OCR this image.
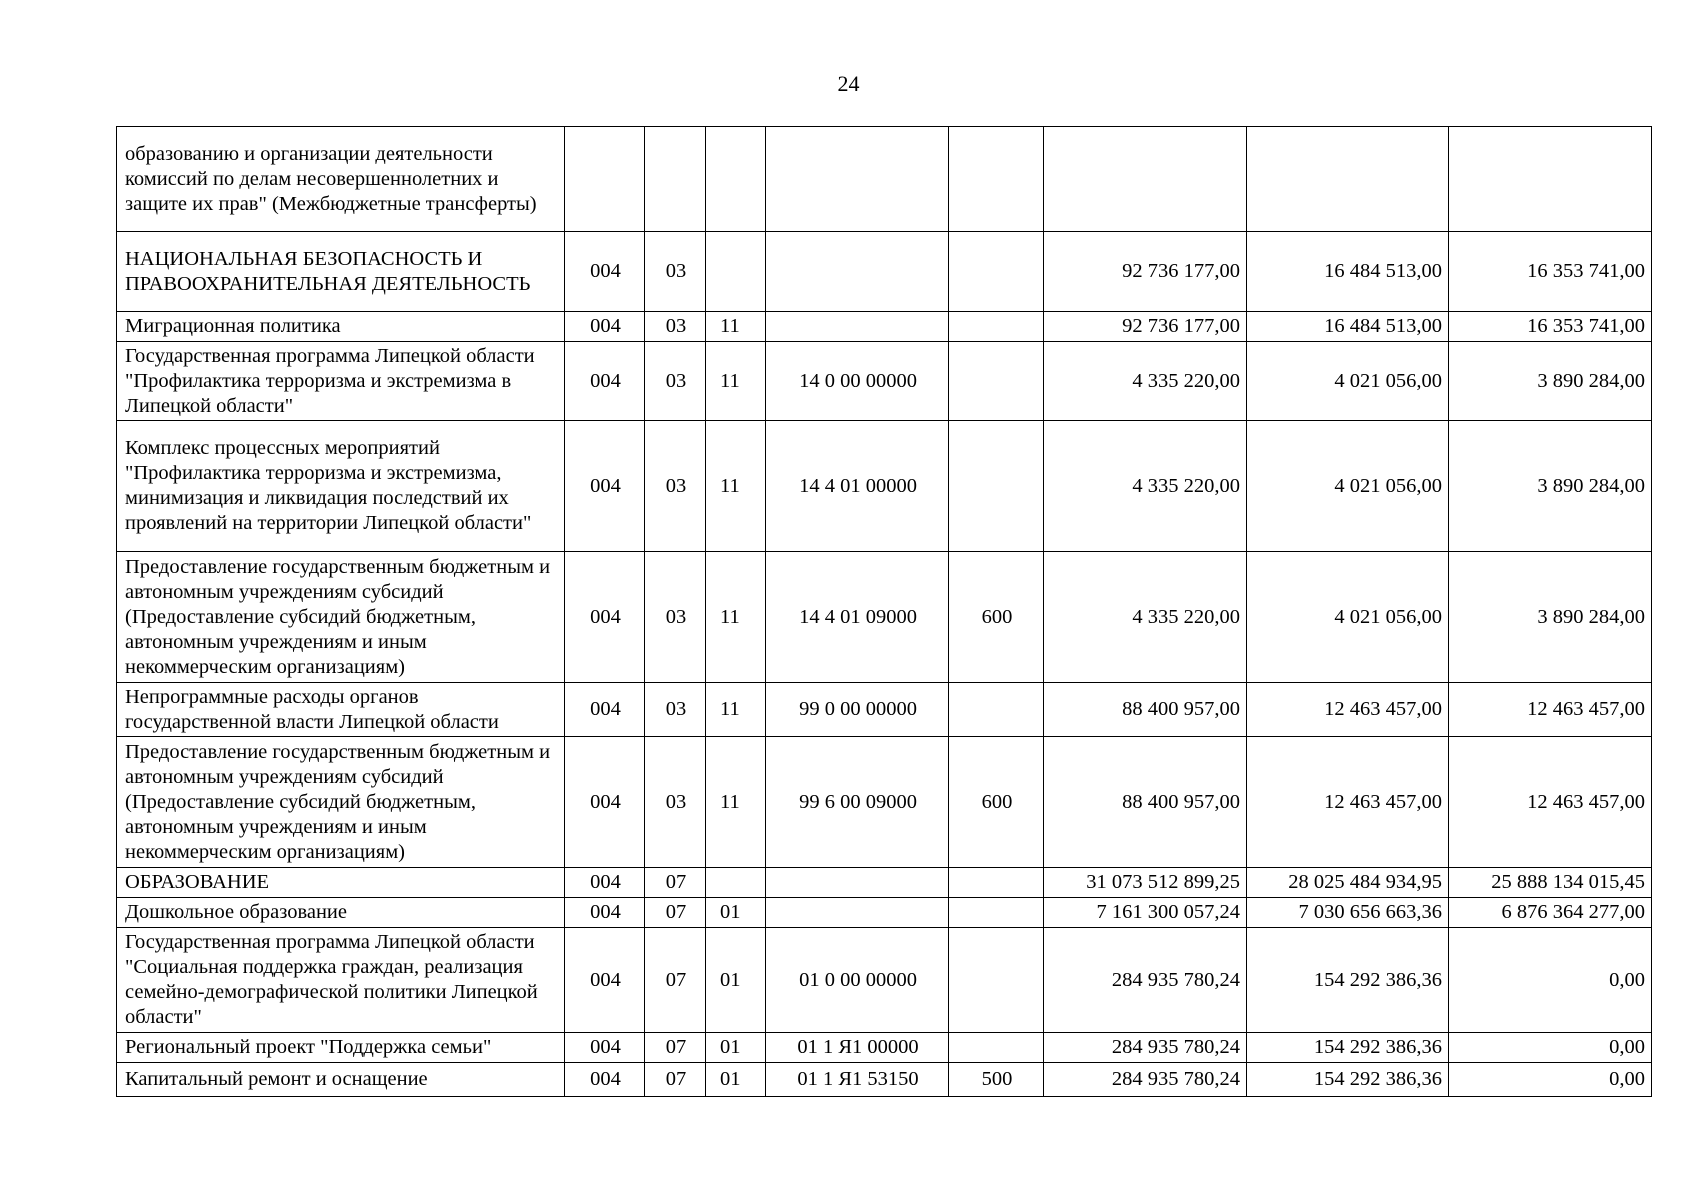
24
образованию и организации деятельности комиссий по делам несовершеннолетних и защите их прав" (Межбюджетные трансферты)								
НАЦИОНАЛЬНАЯ БЕЗОПАСНОСТЬ И ПРАВООХРАНИТЕЛЬНАЯ ДЕЯТЕЛЬНОСТЬ	004	03				92 736 177,00	16 484 513,00	16 353 741,00
Миграционная политика	004	03	11			92 736 177,00	16 484 513,00	16 353 741,00
Государственная программа Липецкой области "Профилактика терроризма и экстремизма в Липецкой области"	004	03	11	14 0 00 00000		4 335 220,00	4 021 056,00	3 890 284,00
Комплекс процессных мероприятий "Профилактика терроризма и экстремизма, минимизация и ликвидация последствий их проявлений на территории Липецкой области"	004	03	11	14 4 01 00000		4 335 220,00	4 021 056,00	3 890 284,00
Предоставление государственным бюджетным и автономным учреждениям субсидий (Предоставление субсидий бюджетным, автономным учреждениям и иным некоммерческим организациям)	004	03	11	14 4 01 09000	600	4 335 220,00	4 021 056,00	3 890 284,00
Непрограммные расходы органов государственной власти Липецкой области	004	03	11	99 0 00 00000		88 400 957,00	12 463 457,00	12 463 457,00
Предоставление государственным бюджетным и автономным учреждениям субсидий (Предоставление субсидий бюджетным, автономным учреждениям и иным некоммерческим организациям)	004	03	11	99 6 00 09000	600	88 400 957,00	12 463 457,00	12 463 457,00
ОБРАЗОВАНИЕ	004	07				31 073 512 899,25	28 025 484 934,95	25 888 134 015,45
Дошкольное образование	004	07	01			7 161 300 057,24	7 030 656 663,36	6 876 364 277,00
Государственная программа Липецкой области "Социальная поддержка граждан, реализация семейно-демографической политики Липецкой области"	004	07	01	01 0 00 00000		284 935 780,24	154 292 386,36	0,00
Региональный проект "Поддержка семьи"	004	07	01	01 1 Я1 00000		284 935 780,24	154 292 386,36	0,00
Капитальный ремонт и оснащение	004	07	01	01 1 Я1 53150	500	284 935 780,24	154 292 386,36	0,00
